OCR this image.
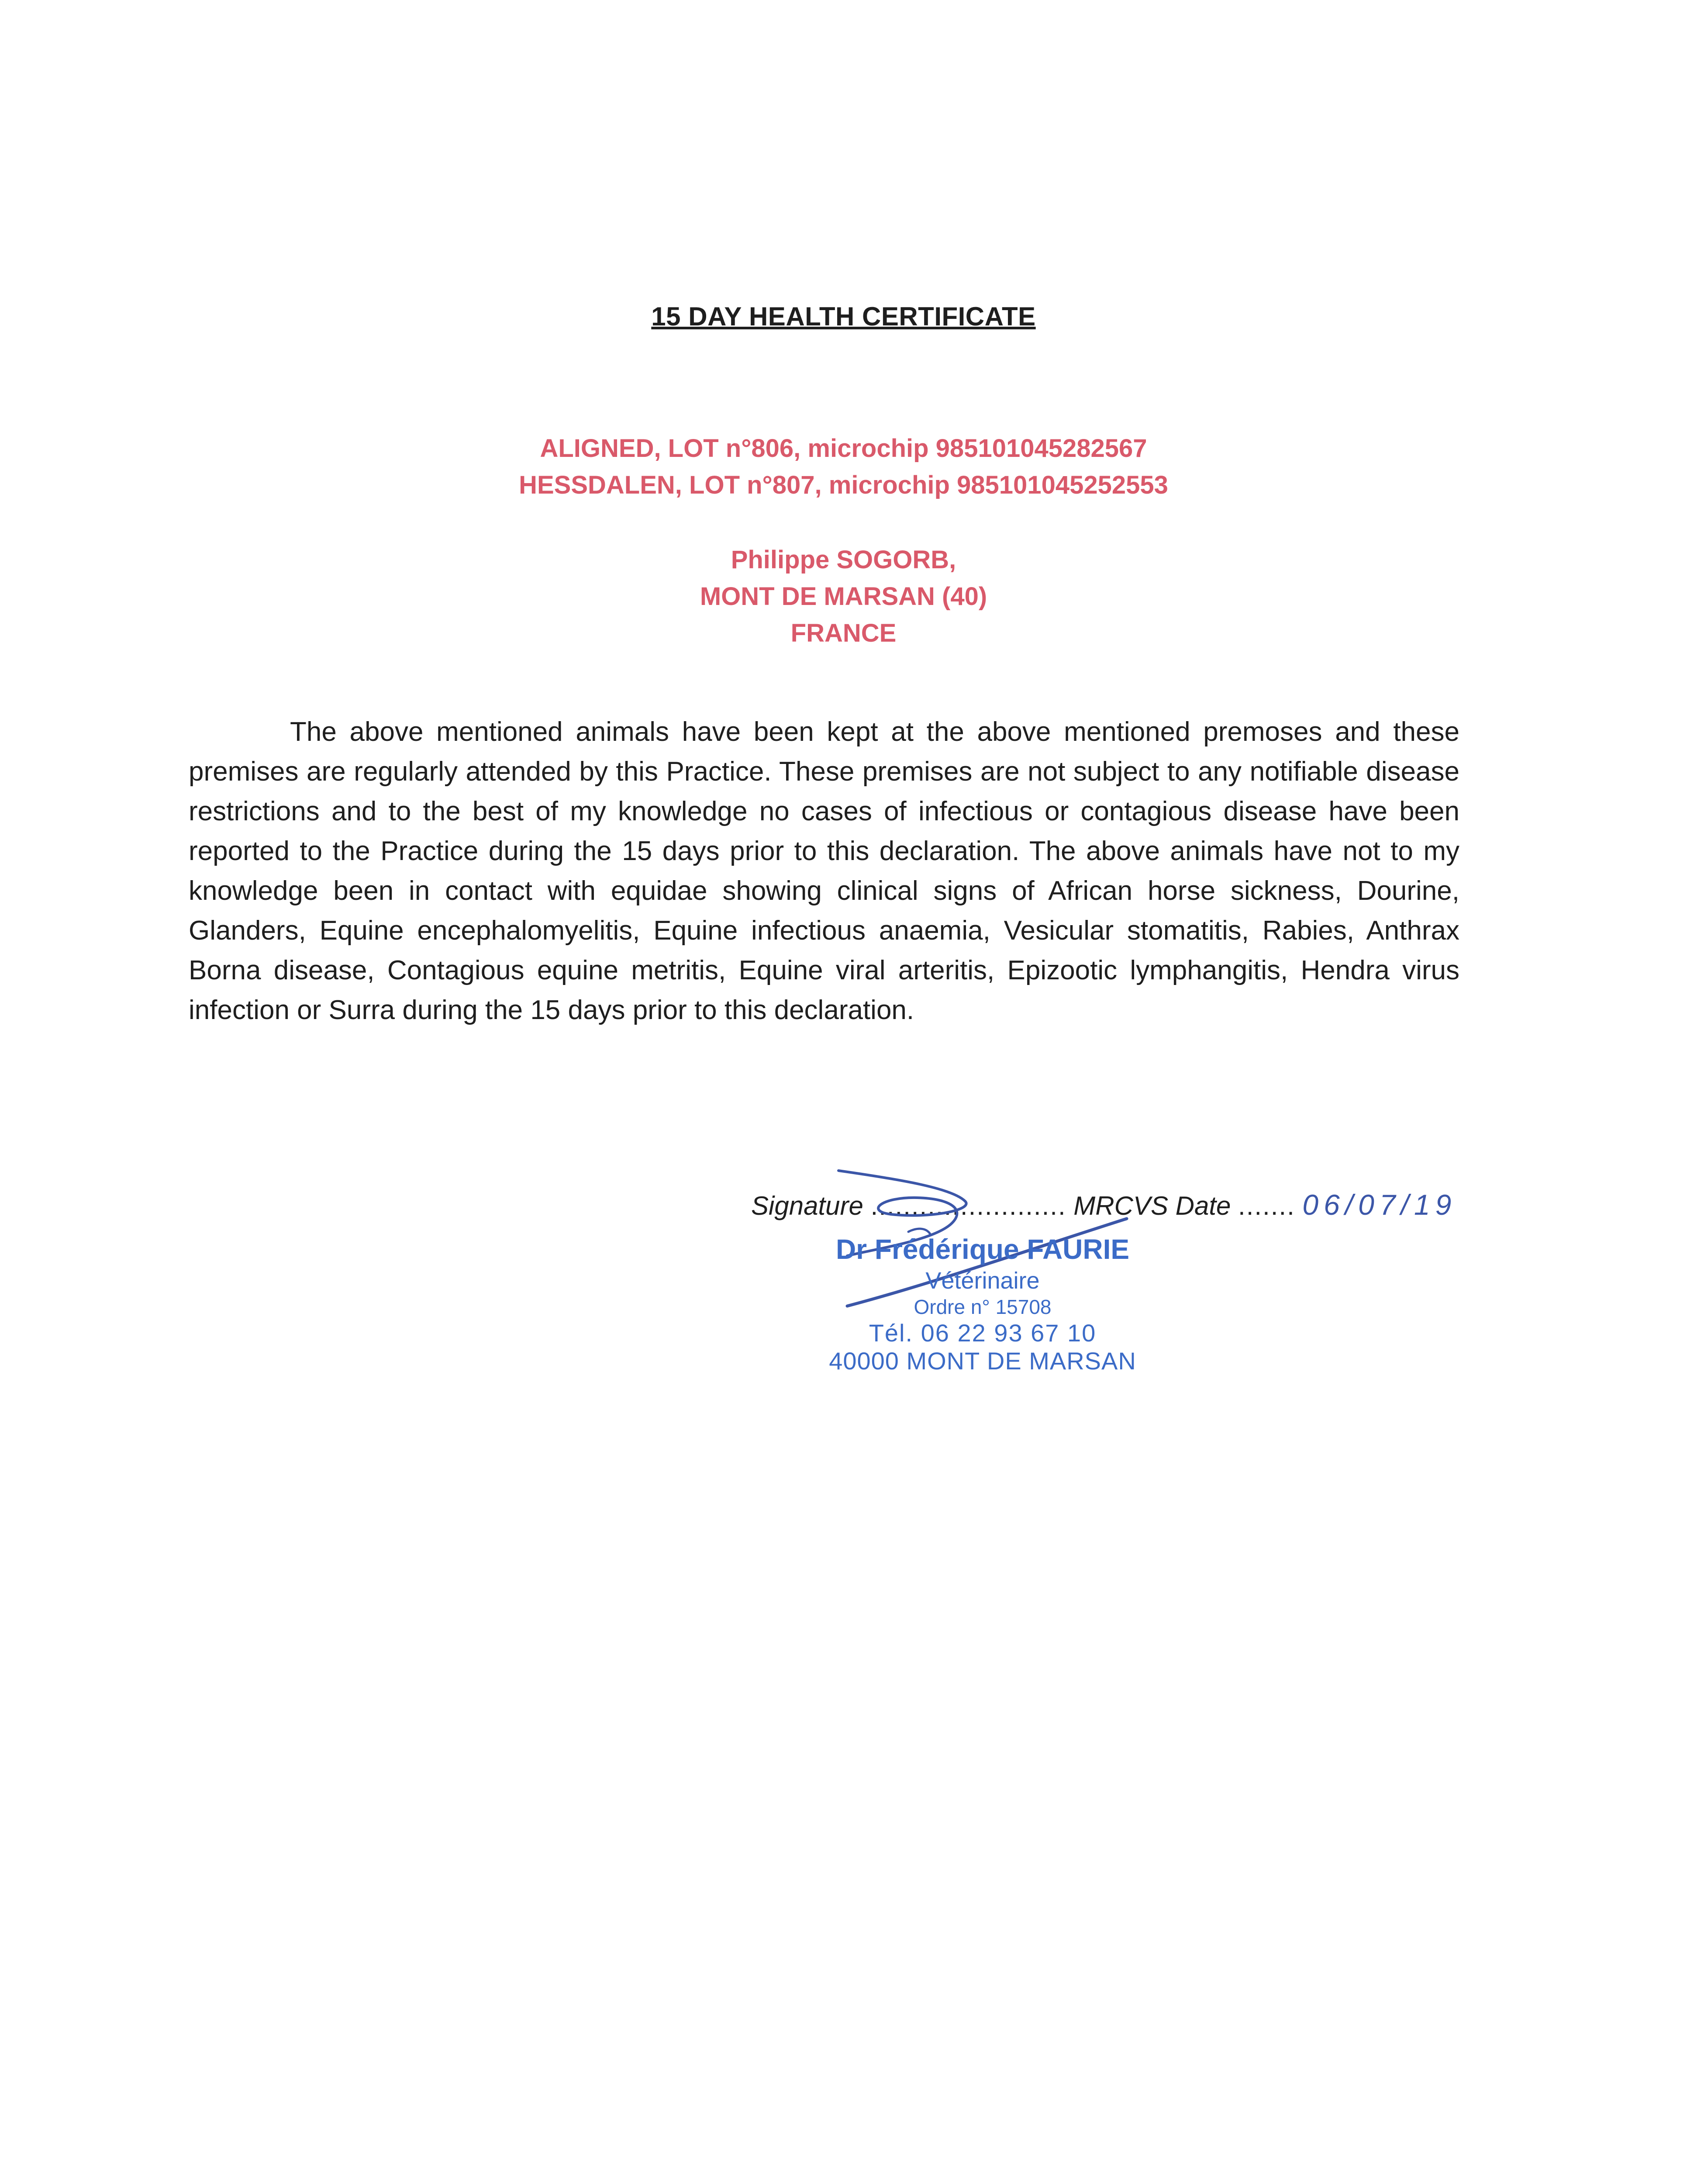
15 DAY HEALTH CERTIFICATE
ALIGNED, LOT n°806, microchip 985101045282567
HESSDALEN, LOT n°807, microchip 985101045252553
Philippe SOGORB,
MONT DE MARSAN (40)
FRANCE

The above mentioned animals have been kept at the above mentioned premoses and these premises are regularly attended by this Practice. These premises are not subject to any notifiable disease restrictions and to the best of my knowledge no cases of infectious or contagious disease have been reported to the Practice during the 15 days prior to this declaration. The above animals have not to my knowledge been in contact with equidae showing clinical signs of African horse sickness, Dourine, Glanders, Equine encephalomyelitis, Equine infectious anaemia, Vesicular stomatitis, Rabies, Anthrax Borna disease, Contagious equine metritis, Equine viral arteritis, Epizootic lymphangitis, Hendra virus infection or Surra during the 15 days prior to this declaration.

Signature ........................ MRCVS Date ....... 06/07/19
Dr Frédérique FAURIE
Vétérinaire
Ordre n° 15708
Tél. 06 22 93 67 10
40000 MONT DE MARSAN
